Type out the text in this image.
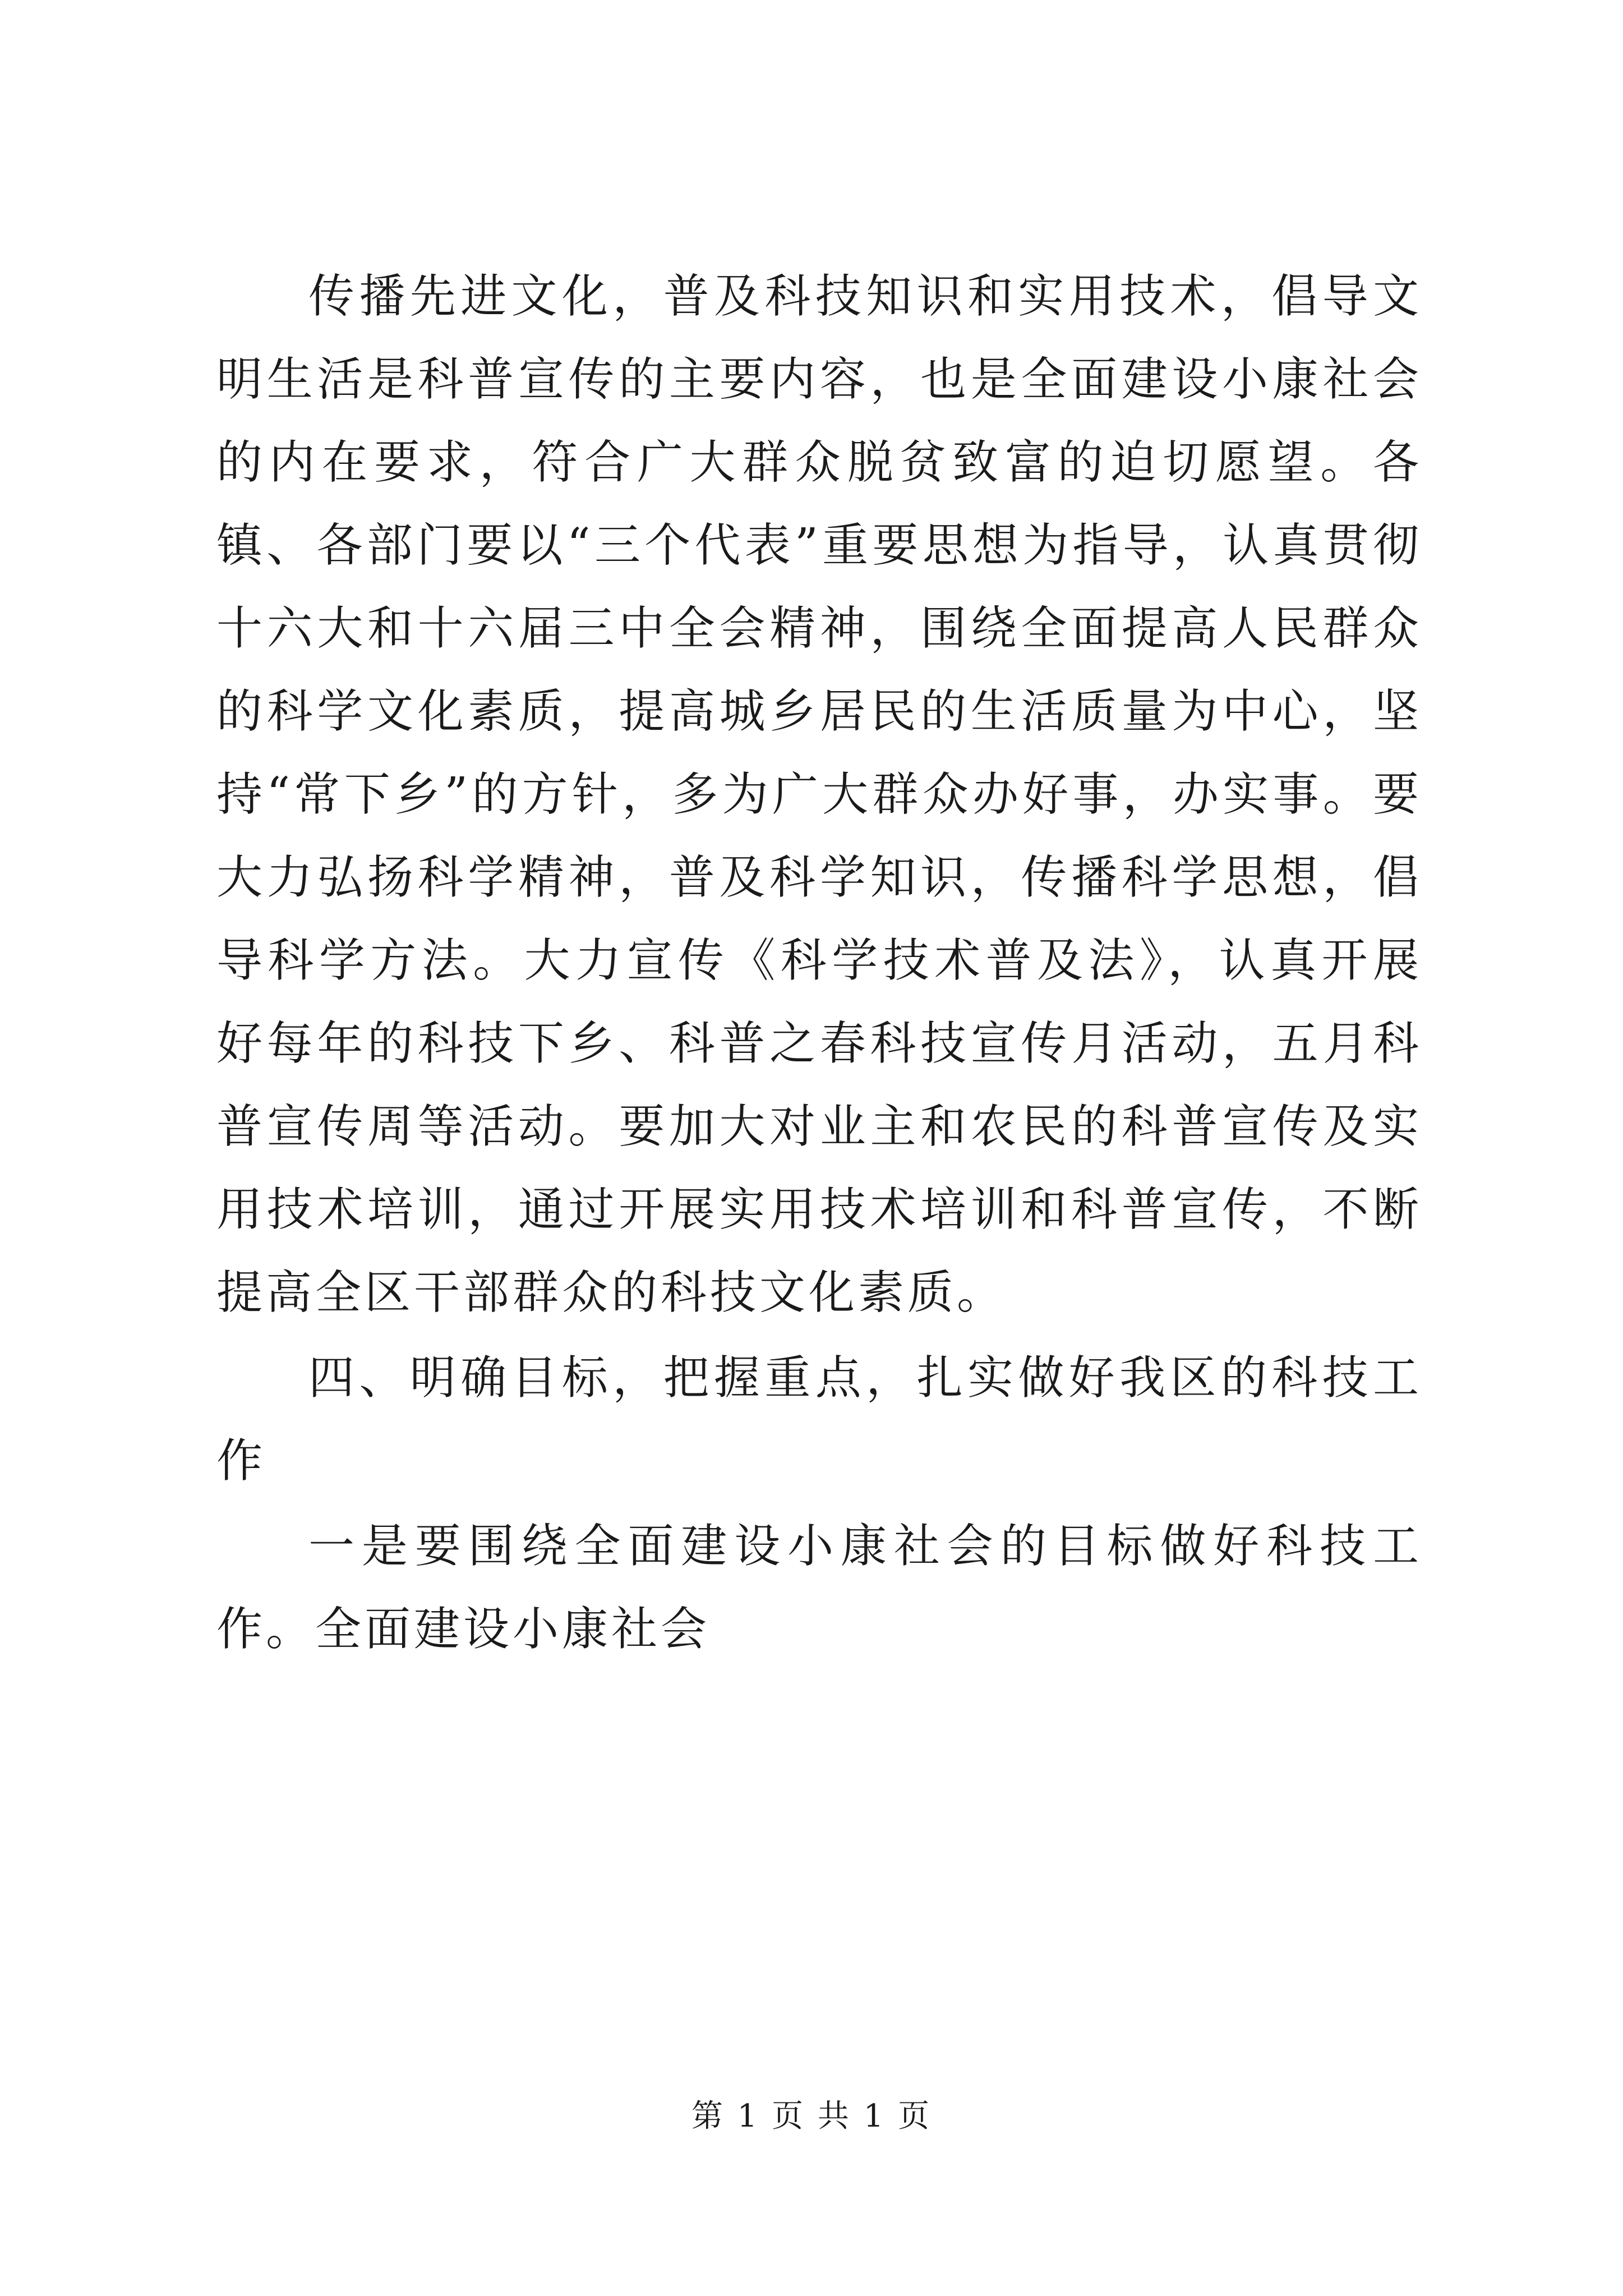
传播先进文化，普及科技知识和实用技术，倡导文明生活是科普宣传的主要内容，也是全面建设小康社会的内在要求，符合广大群众脱贫致富的迫切愿望。各镇、各部门要以“三个代表”重要思想为指导，认真贯彻十六大和十六届三中全会精神，围绕全面提高人民群众的科学文化素质，提高城乡居民的生活质量为中心，坚持“常下乡”的方针，多为广大群众办好事，办实事。要大力弘扬科学精神，普及科学知识，传播科学思想，倡导科学方法。大力宣传《科学技术普及法》，认真开展好每年的科技下乡、科普之春科技宣传月活动，五月科普宣传周等活动。要加大对业主和农民的科普宣传及实用技术培训，通过开展实用技术培训和科普宣传，不断提高全区干部群众的科技文化素质。

四、明确目标，把握重点，扎实做好我区的科技工作

一是要围绕全面建设小康社会的目标做好科技工作。全面建设小康社会

第 1 页 共 1 页
